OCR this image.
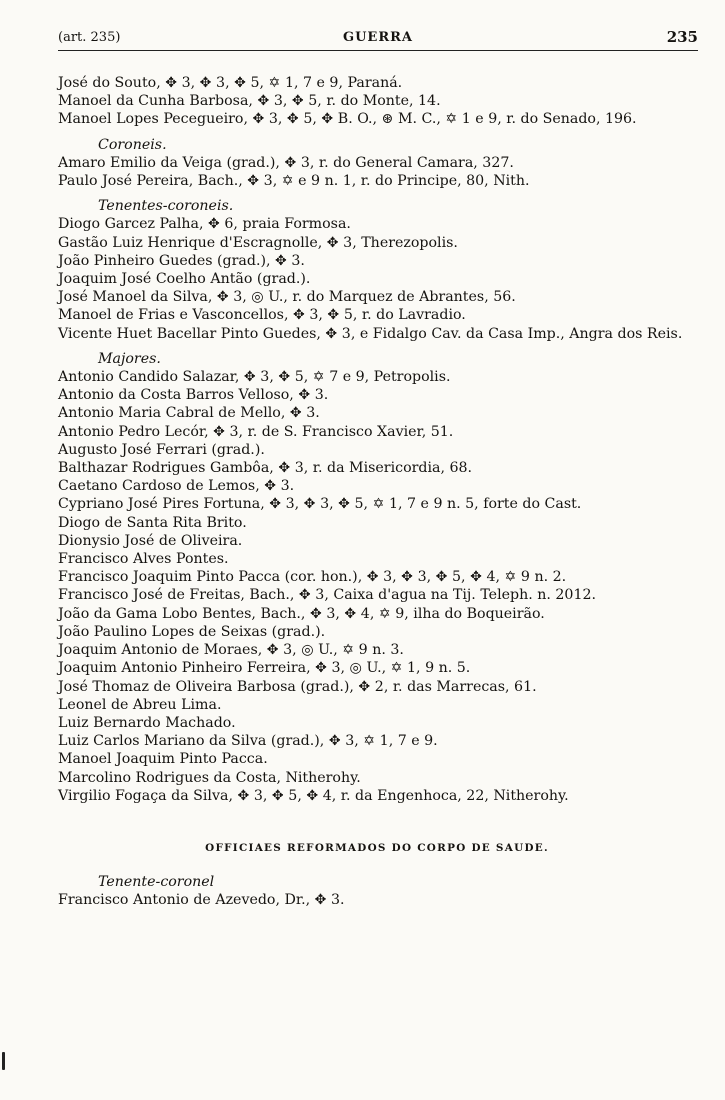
(art. 235)	GUERRA	235

José do Souto, ✥ 3, ✥ 3, ✥ 5, ✡ 1, 7 e 9, Paraná.

Manoel da Cunha Barbosa, ✥ 3, ✥ 5, r. do Monte, 14.

Manoel Lopes Pecegueiro, ✥ 3, ✥ 5, ✥ B. O., ⊛ M. C., ✡ 1 e 9, r. do Senado, 196.

Coroneis.

Amaro Emilio da Veiga (grad.), ✥ 3, r. do General Camara, 327.

Paulo José Pereira, Bach., ✥ 3, ✡ e 9 n. 1, r. do Principe, 80, Nith.

Tenentes-coroneis.

Diogo Garcez Palha, ✥ 6, praia Formosa.

Gastão Luiz Henrique d'Escragnolle, ✥ 3, Therezopolis.

João Pinheiro Guedes (grad.), ✥ 3.

Joaquim José Coelho Antão (grad.).

José Manoel da Silva, ✥ 3, ◎ U., r. do Marquez de Abrantes, 56.

Manoel de Frias e Vasconcellos, ✥ 3, ✥ 5, r. do Lavradio.

Vicente Huet Bacellar Pinto Guedes, ✥ 3, e Fidalgo Cav. da Casa Imp., Angra dos Reis.

Majores.

Antonio Candido Salazar, ✥ 3, ✥ 5, ✡ 7 e 9, Petropolis.

Antonio da Costa Barros Velloso, ✥ 3.

Antonio Maria Cabral de Mello, ✥ 3.

Antonio Pedro Lecór, ✥ 3, r. de S. Francisco Xavier, 51.

Augusto José Ferrari (grad.).

Balthazar Rodrigues Gambôa, ✥ 3, r. da Misericordia, 68.

Caetano Cardoso de Lemos, ✥ 3.

Cypriano José Pires Fortuna, ✥ 3, ✥ 3, ✥ 5, ✡ 1, 7 e 9 n. 5, forte do Cast.

Diogo de Santa Rita Brito.

Dionysio José de Oliveira.

Francisco Alves Pontes.

Francisco Joaquim Pinto Pacca (cor. hon.), ✥ 3, ✥ 3, ✥ 5, ✥ 4, ✡ 9 n. 2.

Francisco José de Freitas, Bach., ✥ 3, Caixa d'agua na Tij. Teleph. n. 2012.

João da Gama Lobo Bentes, Bach., ✥ 3, ✥ 4, ✡ 9, ilha do Boqueirão.

João Paulino Lopes de Seixas (grad.).

Joaquim Antonio de Moraes, ✥ 3, ◎ U., ✡ 9 n. 3.

Joaquim Antonio Pinheiro Ferreira, ✥ 3, ◎ U., ✡ 1, 9 n. 5.

José Thomaz de Oliveira Barbosa (grad.), ✥ 2, r. das Marrecas, 61.

Leonel de Abreu Lima.

Luiz Bernardo Machado.

Luiz Carlos Mariano da Silva (grad.), ✥ 3, ✡ 1, 7 e 9.

Manoel Joaquim Pinto Pacca.

Marcolino Rodrigues da Costa, Nitherohy.

Virgilio Fogaça da Silva, ✥ 3, ✥ 5, ✥ 4, r. da Engenhoca, 22, Nitherohy.

OFFICIAES REFORMADOS DO CORPO DE SAUDE.

Tenente-coronel

Francisco Antonio de Azevedo, Dr., ✥ 3.
